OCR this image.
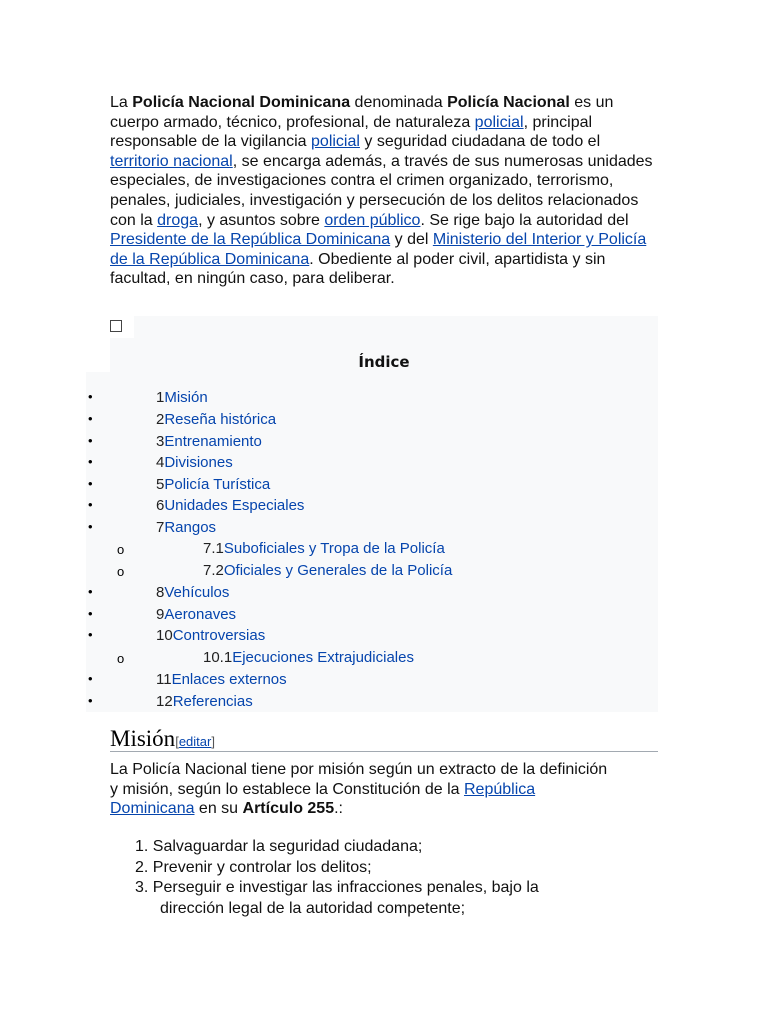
La Policía Nacional Dominicana denominada Policía Nacional es un cuerpo armado, técnico, profesional, de naturaleza policial, principal responsable de la vigilancia policial y seguridad ciudadana de todo el territorio nacional, se encarga además, a través de sus numerosas unidades especiales, de investigaciones contra el crimen organizado, terrorismo, penales, judiciales, investigación y persecución de los delitos relacionados con la droga, y asuntos sobre orden público. Se rige bajo la autoridad del Presidente de la República Dominicana y del Ministerio del Interior y Policía de la República Dominicana. Obediente al poder civil, apartidista y sin facultad, en ningún caso, para deliberar.
Índice
•	1Misión
•	2Reseña histórica
•	3Entrenamiento
•	4Divisiones
•	5Policía Turística
•	6Unidades Especiales
•	7Rangos
o	7.1Suboficiales y Tropa de la Policía
o	7.2Oficiales y Generales de la Policía
•	8Vehículos
•	9Aeronaves
•	10Controversias
o	10.1Ejecuciones Extrajudiciales
•	11Enlaces externos
•	12Referencias
Misión[editar]
La Policía Nacional tiene por misión según un extracto de la definición y misión, según lo establece la Constitución de la República Dominicana en su Artículo 255.:
1. Salvaguardar la seguridad ciudadana;
2. Prevenir y controlar los delitos;
3. Perseguir e investigar las infracciones penales, bajo la
dirección legal de la autoridad competente;
